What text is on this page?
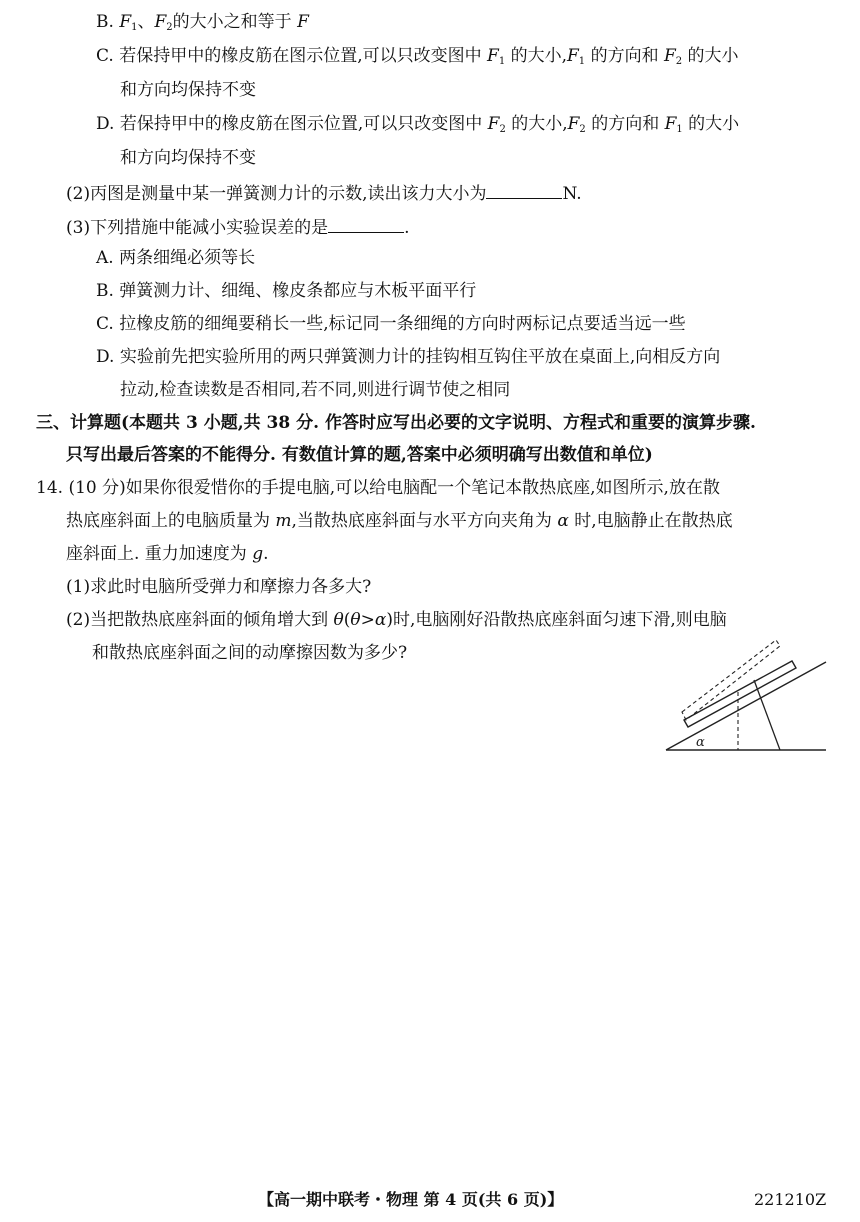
B. $F_1$、$F_2$的大小之和等于 F
C. 若保持甲中的橡皮筋在图示位置,可以只改变图中 $F_1$ 的大小$,F_1$ 的方向和 $F_2$ 的大小
和方向均保持不变
D. 若保持甲中的橡皮筋在图示位置,可以只改变图中 $F_2$ 的大小$,F_2$ 的方向和 $F_1$ 的大小
和方向均保持不变
(2)丙图是测量中某一弹簧测力计的示数,读出该力大小为	N.
(3)下列措施中能减小实验误差的是	.
A. 两条细绳必须等长
B. 弹簧测力计、细绳、橡皮条都应与木板平面平行
C. 拉橡皮筋的细绳要稍长一些,标记同一条细绳的方向时两标记点要适当远一些
D. 实验前先把实验所用的两只弹簧测力计的挂钩相互钩住平放在桌面上,向相反方向
拉动,检查读数是否相同,若不同,则进行调节使之相同
三、计算题(本题共 3 小题,共 38 分. 作答时应写出必要的文字说明、方程式和重要的演算步骤.
只写出最后答案的不能得分. 有数值计算的题,答案中必须明确写出数值和单位)
14. (10 分)如果你很爱惜你的手提电脑,可以给电脑配一个笔记本散热底座,如图所示,放在散
热底座斜面上的电脑质量为 m,当散热底座斜面与水平方向夹角为 α 时,电脑静止在散热底
座斜面上. 重力加速度为 g.
(1)求此时电脑所受弹力和摩擦力各多大?
(2)当把散热底座斜面的倾角增大到 θ(θ>α)时,电脑刚好沿散热底座斜面匀速下滑,则电脑
和散热底座斜面之间的动摩擦因数为多少?
α
【高一期中联考・物理 第 4 页(共 6 页)】	221210Z
